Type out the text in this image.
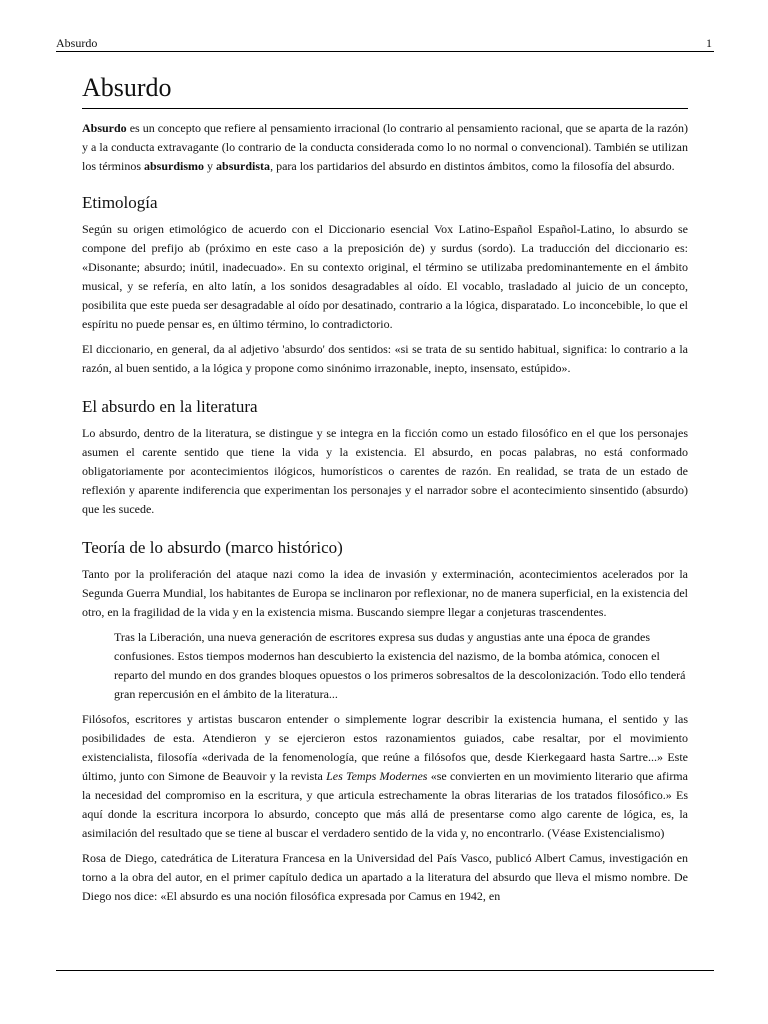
Absurdo	1
Absurdo

Absurdo es un concepto que refiere al pensamiento irracional (lo contrario al pensamiento racional, que se aparta de la razón) y a la conducta extravagante (lo contrario de la conducta considerada como lo no normal o convencional). También se utilizan los términos absurdismo y absurdista, para los partidarios del absurdo en distintos ámbitos, como la filosofía del absurdo.

Etimología

Según su origen etimológico de acuerdo con el Diccionario esencial Vox Latino-Español Español-Latino, lo absurdo se compone del prefijo ab (próximo en este caso a la preposición de) y surdus (sordo). La traducción del diccionario es: «Disonante; absurdo; inútil, inadecuado». En su contexto original, el término se utilizaba predominantemente en el ámbito musical, y se refería, en alto latín, a los sonidos desagradables al oído. El vocablo, trasladado al juicio de un concepto, posibilita que este pueda ser desagradable al oído por desatinado, contrario a la lógica, disparatado. Lo inconcebible, lo que el espíritu no puede pensar es, en último término, lo contradictorio.

El diccionario, en general, da al adjetivo 'absurdo' dos sentidos: «si se trata de su sentido habitual, significa: lo contrario a la razón, al buen sentido, a la lógica y propone como sinónimo irrazonable, inepto, insensato, estúpido».

El absurdo en la literatura

Lo absurdo, dentro de la literatura, se distingue y se integra en la ficción como un estado filosófico en el que los personajes asumen el carente sentido que tiene la vida y la existencia. El absurdo, en pocas palabras, no está conformado obligatoriamente por acontecimientos ilógicos, humorísticos o carentes de razón. En realidad, se trata de un estado de reflexión y aparente indiferencia que experimentan los personajes y el narrador sobre el acontecimiento sinsentido (absurdo) que les sucede.

Teoría de lo absurdo (marco histórico)

Tanto por la proliferación del ataque nazi como la idea de invasión y exterminación, acontecimientos acelerados por la Segunda Guerra Mundial, los habitantes de Europa se inclinaron por reflexionar, no de manera superficial, en la existencia del otro, en la fragilidad de la vida y en la existencia misma. Buscando siempre llegar a conjeturas trascendentes.

Tras la Liberación, una nueva generación de escritores expresa sus dudas y angustias ante una época de grandes confusiones. Estos tiempos modernos han descubierto la existencia del nazismo, de la bomba atómica, conocen el reparto del mundo en dos grandes bloques opuestos o los primeros sobresaltos de la descolonización. Todo ello tenderá gran repercusión en el ámbito de la literatura...

Filósofos, escritores y artistas buscaron entender o simplemente lograr describir la existencia humana, el sentido y las posibilidades de esta. Atendieron y se ejercieron estos razonamientos guiados, cabe resaltar, por el movimiento existencialista, filosofía «derivada de la fenomenología, que reúne a filósofos que, desde Kierkegaard hasta Sartre...» Este último, junto con Simone de Beauvoir y la revista Les Temps Modernes «se convierten en un movimiento literario que afirma la necesidad del compromiso en la escritura, y que articula estrechamente la obras literarias de los tratados filosófico.» Es aquí donde la escritura incorpora lo absurdo, concepto que más allá de presentarse como algo carente de lógica, es, la asimilación del resultado que se tiene al buscar el verdadero sentido de la vida y, no encontrarlo. (Véase Existencialismo)

Rosa de Diego, catedrática de Literatura Francesa en la Universidad del País Vasco, publicó Albert Camus, investigación en torno a la obra del autor, en el primer capítulo dedica un apartado a la literatura del absurdo que lleva el mismo nombre. De Diego nos dice: «El absurdo es una noción filosófica expresada por Camus en 1942, en
